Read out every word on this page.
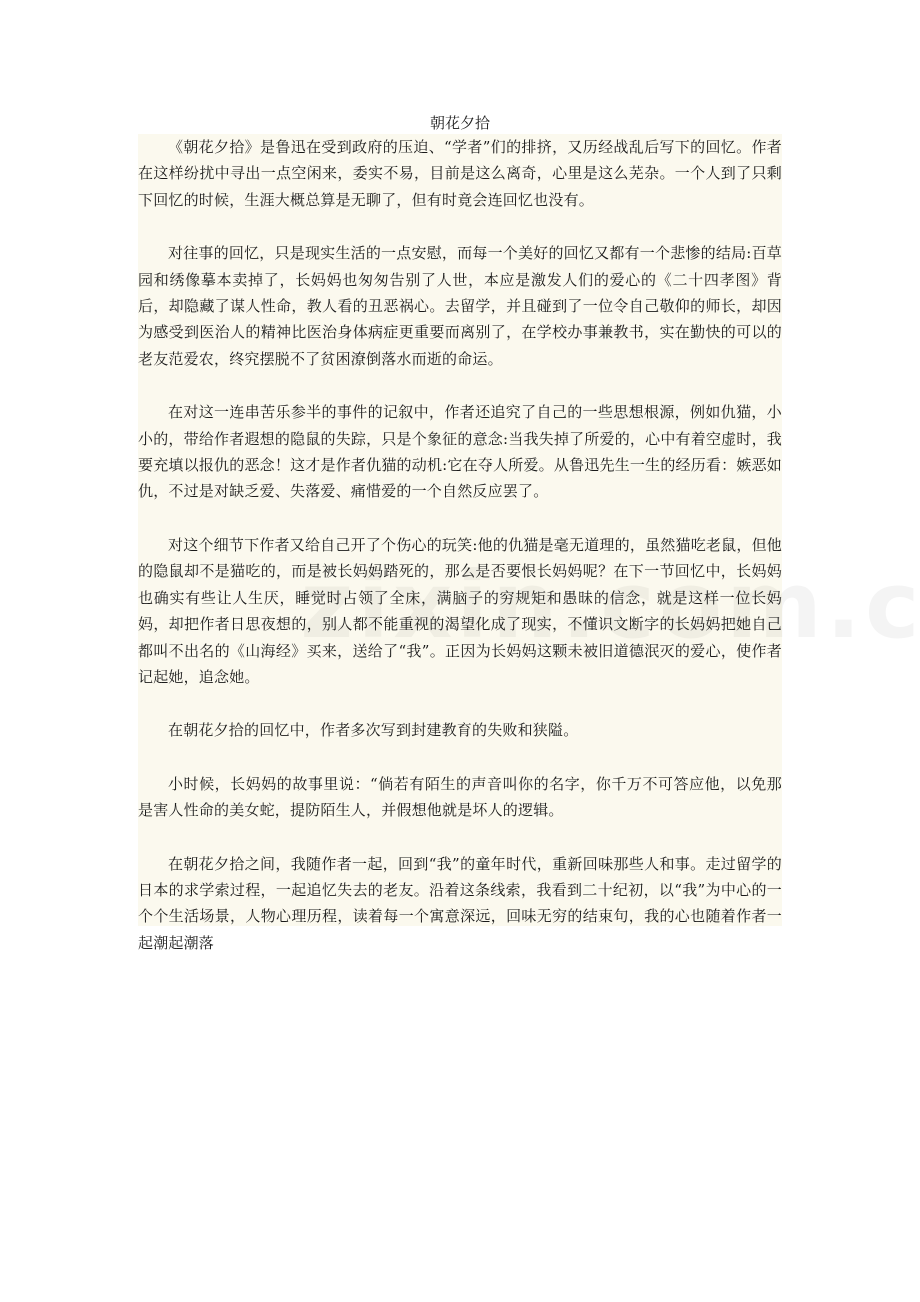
朝花夕拾

《朝花夕拾》是鲁迅在受到政府的压迫、“学者”们的排挤，又历经战乱后写下的回忆。作者在这样纷扰中寻出一点空闲来，委实不易，目前是这么离奇，心里是这么芜杂。一个人到了只剩下回忆的时候，生涯大概总算是无聊了，但有时竟会连回忆也没有。

对往事的回忆，只是现实生活的一点安慰，而每一个美好的回忆又都有一个悲惨的结局:百草园和绣像摹本卖掉了，长妈妈也匆匆告别了人世，本应是激发人们的爱心的《二十四孝图》背后，却隐藏了谋人性命，教人看的丑恶祸心。去留学，并且碰到了一位令自己敬仰的师长，却因为感受到医治人的精神比医治身体病症更重要而离别了，在学校办事兼教书，实在勤快的可以的老友范爱农，终究摆脱不了贫困潦倒落水而逝的命运。

在对这一连串苦乐参半的事件的记叙中，作者还追究了自己的一些思想根源，例如仇猫，小小的，带给作者遐想的隐鼠的失踪，只是个象征的意念:当我失掉了所爱的，心中有着空虚时，我要充填以报仇的恶念！这才是作者仇猫的动机:它在夺人所爱。从鲁迅先生一生的经历看：嫉恶如仇，不过是对缺乏爱、失落爱、痛惜爱的一个自然反应罢了。

对这个细节下作者又给自己开了个伤心的玩笑:他的仇猫是毫无道理的，虽然猫吃老鼠，但他的隐鼠却不是猫吃的，而是被长妈妈踏死的，那么是否要恨长妈妈呢？在下一节回忆中，长妈妈也确实有些让人生厌，睡觉时占领了全床，满脑子的穷规矩和愚昧的信念，就是这样一位长妈妈，却把作者日思夜想的，别人都不能重视的渴望化成了现实，不懂识文断字的长妈妈把她自己都叫不出名的《山海经》买来，送给了“我”。正因为长妈妈这颗未被旧道德泯灭的爱心，使作者记起她，追念她。

在朝花夕拾的回忆中，作者多次写到封建教育的失败和狭隘。

小时候，长妈妈的故事里说：“倘若有陌生的声音叫你的名字，你千万不可答应他，以免那是害人性命的美女蛇，提防陌生人，并假想他就是坏人的逻辑。

在朝花夕拾之间，我随作者一起，回到“我”的童年时代，重新回味那些人和事。走过留学的日本的求学索过程，一起追忆失去的老友。沿着这条线索，我看到二十纪初，以“我”为中心的一个个生活场景，人物心理历程，读着每一个寓意深远，回味无穷的结束句，我的心也随着作者一起潮起潮落
